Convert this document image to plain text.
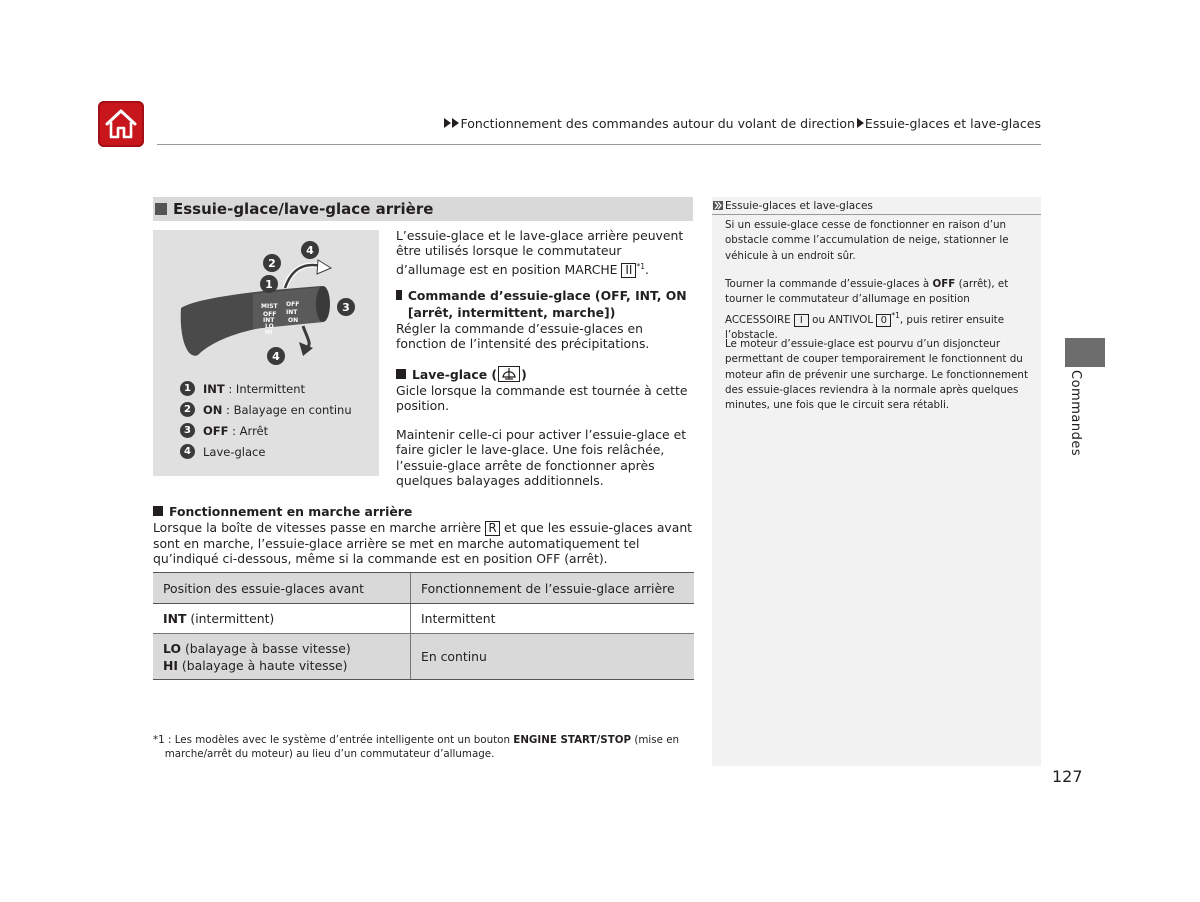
Fonctionnement des commandes autour du volant de direction Essuie-glaces et lave-glaces
Essuie-glace/lave-glace arrière
MIST
OFF
INT
LO
HI
OFF
INT
ON
4
2
1
3
4
1	INT : Intermittent
2	ON : Balayage en continu
3	OFF : Arrêt
4	Lave-glace
L’essuie-glace et le lave-glace arrière peuvent être utilisés lorsque le commutateur d’allumage est en position MARCHE II $^{*1}$.
Commande d’essuie-glace (OFF, INT, ON [arrêt, intermittent, marche])
Régler la commande d’essuie-glaces en fonction de l’intensité des précipitations.
Lave-glace ( )
Gicle lorsque la commande est tournée à cette position.
Maintenir celle-ci pour activer l’essuie-glace et faire gicler le lave-glace. Une fois relâchée, l’essuie-glace arrête de fonctionner après quelques balayages additionnels.
Fonctionnement en marche arrière
Lorsque la boîte de vitesses passe en marche arrière R et que les essuie-glaces avant sont en marche, l’essuie-glace arrière se met en marche automatiquement tel qu’indiqué ci-dessous, même si la commande est en position OFF (arrêt).
Position des essuie-glaces avant	Fonctionnement de l’essuie-glace arrière
INT (intermittent)	Intermittent

LO (balayage à basse vitesse)
HI (balayage à haute vitesse)	En continu
*1 : Les modèles avec le système d’entrée intelligente ont un bouton ENGINE START/STOP (mise en marche/arrêt du moteur) au lieu d’un commutateur d’allumage.
Essuie-glaces et lave-glaces
Si un essuie-glace cesse de fonctionner en raison d’un obstacle comme l’accumulation de neige, stationner le véhicule à un endroit sûr.
Tourner la commande d’essuie-glaces à OFF (arrêt), et tourner le commutateur d’allumage en position ACCESSOIRE I ou ANTIVOL 0 $^{*1}$, puis retirer ensuite l’obstacle.
Le moteur d’essuie-glace est pourvu d’un disjoncteur permettant de couper temporairement le fonctionnent du moteur afin de prévenir une surcharge. Le fonctionnement des essuie-glaces reviendra à la normale après quelques minutes, une fois que le circuit sera rétabli.	Commandes
127
